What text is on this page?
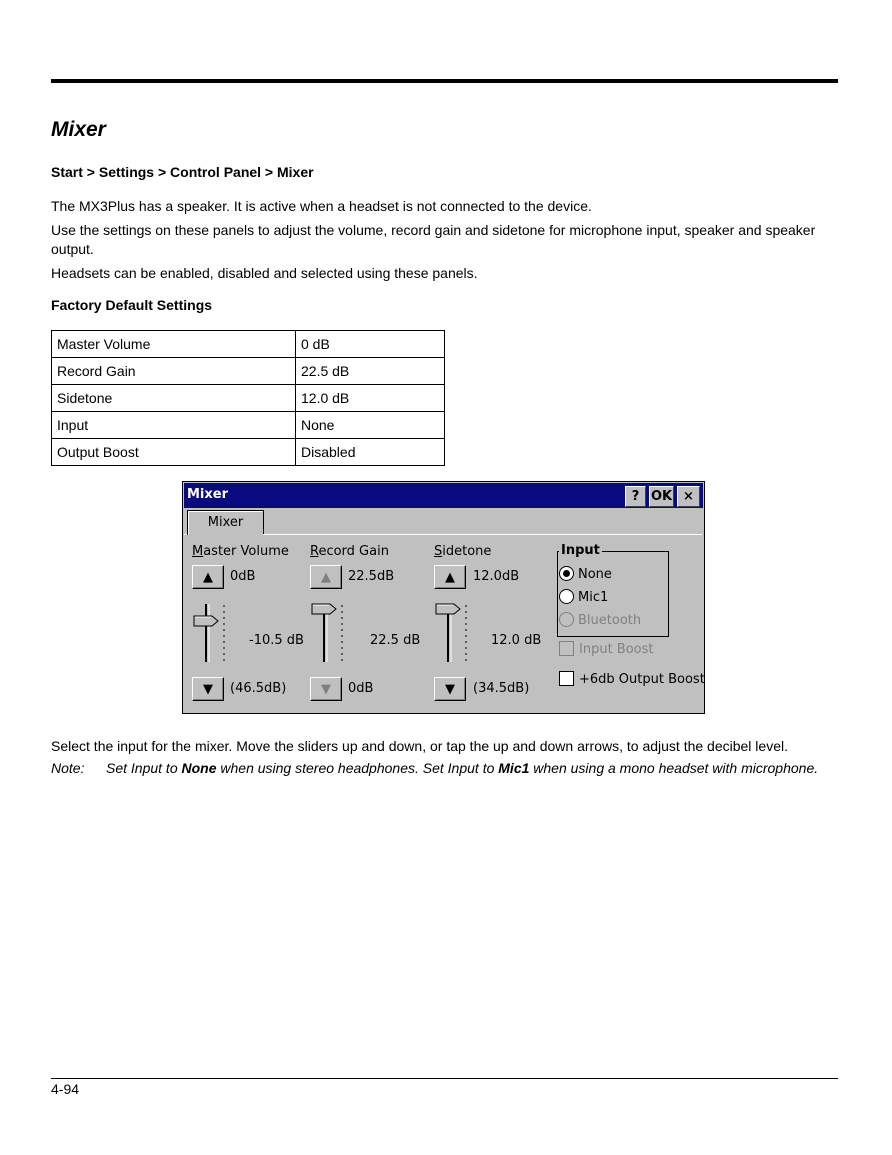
Mixer
Start > Settings > Control Panel > Mixer

The MX3Plus has a speaker. It is active when a headset is not connected to the device.

Use the settings on these panels to adjust the volume, record gain and sidetone for microphone input, speaker and speaker output.

Headsets can be enabled, disabled and selected using these panels.

Factory Default Settings
Master Volume	0 dB
Record Gain	22.5 dB
Sidetone	12.0 dB
Input	None
Output Boost	Disabled
Mixer	? OK ×
Mixer
Master Volume
▲	0dB
-10.5 dB
▼	(46.5dB)
Record Gain
▲	22.5dB
22.5 dB
▼	0dB
Sidetone
▲	12.0dB
12.0 dB
▼	(34.5dB)
Input
None
Mic1
Bluetooth
Input Boost
+6db Output Boost

Select the input for the mixer. Move the sliders up and down, or tap the up and down arrows, to adjust the decibel level.

Note: Set Input to None when using stereo headphones. Set Input to Mic1 when using a mono headset with microphone.
4-94
